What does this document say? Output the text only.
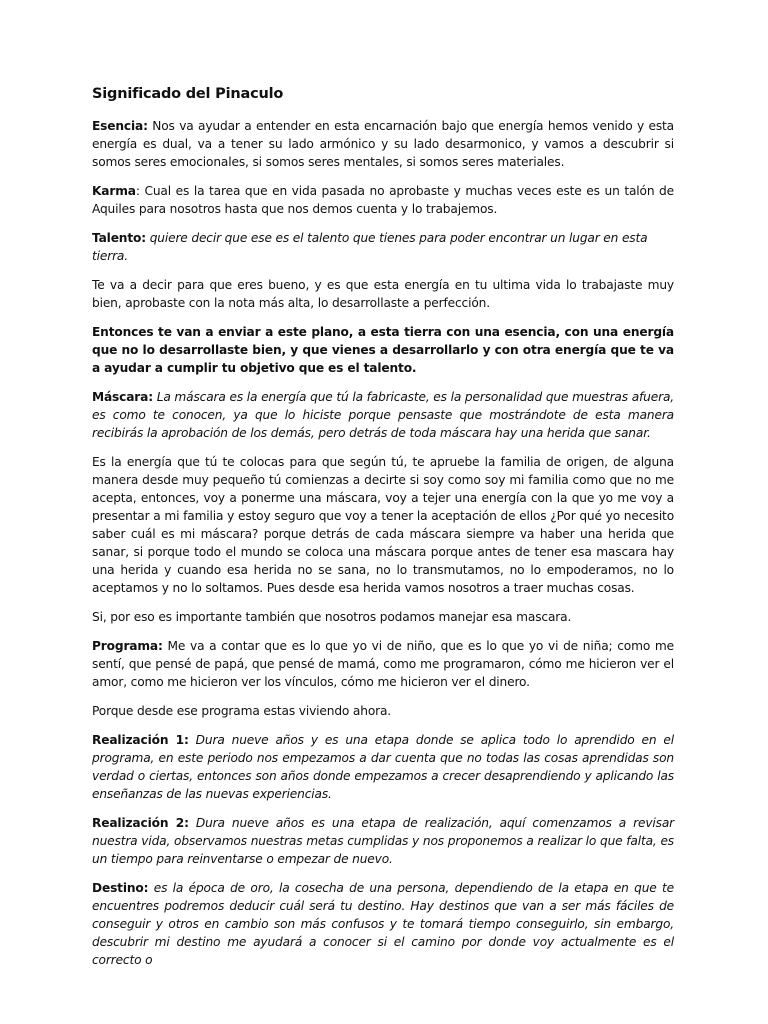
Significado del Pinaculo

Esencia: Nos va ayudar a entender en esta encarnación bajo que energía hemos venido y esta energía es dual, va a tener su lado armónico y su lado desarmonico, y vamos a descubrir si somos seres emocionales, si somos seres mentales, si somos seres materiales.

Karma: Cual es la tarea que en vida pasada no aprobaste y muchas veces este es un talón de Aquiles para nosotros hasta que nos demos cuenta y lo trabajemos.

Talento: quiere decir que ese es el talento que tienes para poder encontrar un lugar en esta tierra.

Te va a decir para que eres bueno, y es que esta energía en tu ultima vida lo trabajaste muy bien, aprobaste con la nota más alta, lo desarrollaste a perfección.

Entonces te van a enviar a este plano, a esta tierra con una esencia, con una energía que no lo desarrollaste bien, y que vienes a desarrollarlo y con otra energía que te va a ayudar a cumplir tu objetivo que es el talento.

Máscara: La máscara es la energía que tú la fabricaste, es la personalidad que muestras afuera, es como te conocen, ya que lo hiciste porque pensaste que mostrándote de esta manera recibirás la aprobación de los demás, pero detrás de toda máscara hay una herida que sanar.

Es la energía que tú te colocas para que según tú, te apruebe la familia de origen, de alguna manera desde muy pequeño tú comienzas a decirte si soy como soy mi familia como que no me acepta, entonces, voy a ponerme una máscara, voy a tejer una energía con la que yo me voy a presentar a mi familia y estoy seguro que voy a tener la aceptación de ellos ¿Por qué yo necesito saber cuál es mi máscara? porque detrás de cada máscara siempre va haber una herida que sanar, si porque todo el mundo se coloca una máscara porque antes de tener esa mascara hay una herida y cuando esa herida no se sana, no lo transmutamos, no lo empoderamos, no lo aceptamos y no lo soltamos. Pues desde esa herida vamos nosotros a traer muchas cosas.

Si, por eso es importante también que nosotros podamos manejar esa mascara.

Programa: Me va a contar que es lo que yo vi de niño, que es lo que yo vi de niña; como me sentí, que pensé de papá, que pensé de mamá, como me programaron, cómo me hicieron ver el amor, como me hicieron ver los vínculos, cómo me hicieron ver el dinero.

Porque desde ese programa estas viviendo ahora.

Realización 1: Dura nueve años y es una etapa donde se aplica todo lo aprendido en el programa, en este periodo nos empezamos a dar cuenta que no todas las cosas aprendidas son verdad o ciertas, entonces son años donde empezamos a crecer desaprendiendo y aplicando las enseñanzas de las nuevas experiencias.

Realización 2: Dura nueve años es una etapa de realización, aquí comenzamos a revisar nuestra vida, observamos nuestras metas cumplidas y nos proponemos a realizar lo que falta, es un tiempo para reinventarse o empezar de nuevo.

Destino: es la época de oro, la cosecha de una persona, dependiendo de la etapa en que te encuentres podremos deducir cuál será tu destino. Hay destinos que van a ser más fáciles de conseguir y otros en cambio son más confusos y te tomará tiempo conseguirlo, sin embargo, descubrir mi destino me ayudará a conocer si el camino por donde voy actualmente es el correcto o
